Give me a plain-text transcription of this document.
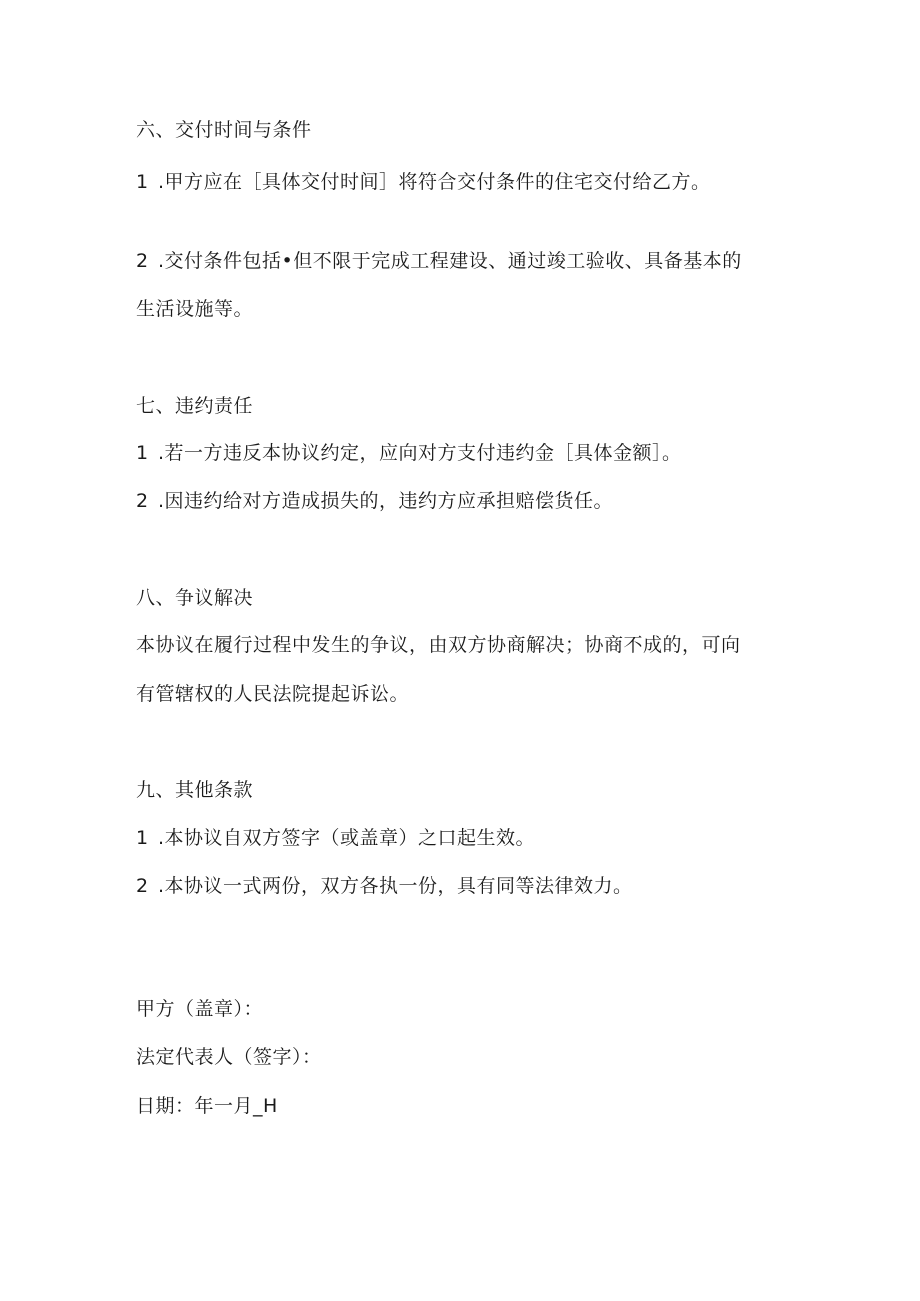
六、交付时间与条件
1 .甲方应在［具体交付时间］将符合交付条件的住宅交付给乙方。
2 .交付条件包括•但不限于完成工程建设、通过竣工验收、具备基本的
生活设施等。
七、违约责任
1 .若一方违反本协议约定，应向对方支付违约金［具体金额］。
2 .因违约给对方造成损失的，违约方应承担赔偿货任。
八、争议解决
本协议在履行过程中发生的争议，由双方协商解决；协商不成的，可向
有管辖权的人民法院提起诉讼。
九、其他条款
1 .本协议自双方签字（或盖章）之口起生效。
2 .本协议一式两份，双方各执一份，具有同等法律效力。
甲方（盖章）：
法定代表人（签字）：
日期：年一月_H
